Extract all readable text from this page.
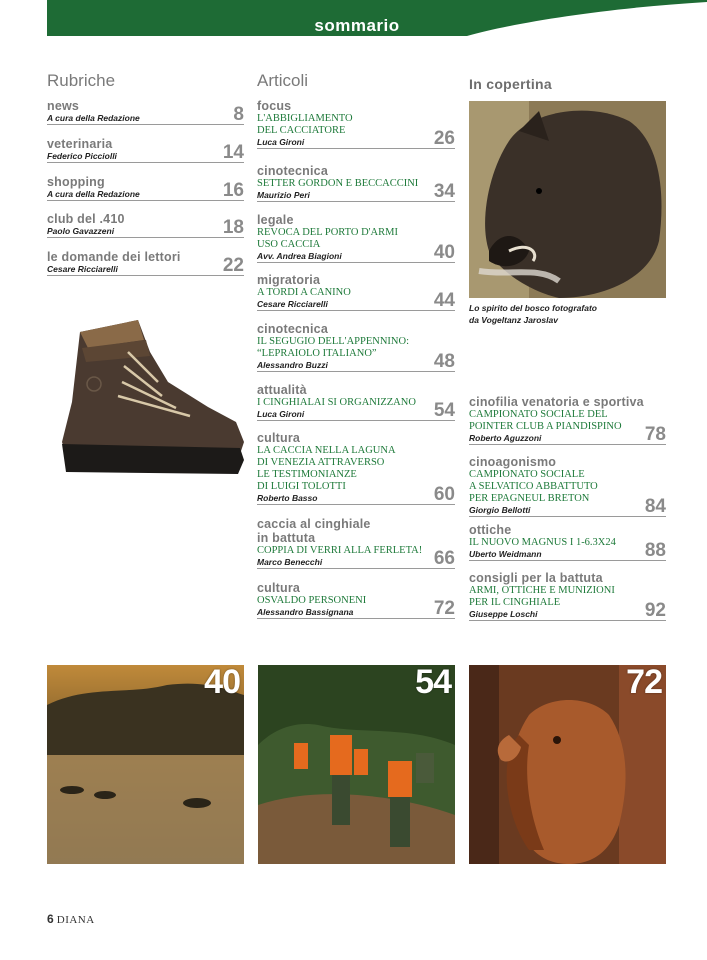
sommario
Rubriche	Articoli	In copertina
news
A cura della Redazione	8
veterinaria
Federico Picciolli	14
shopping
A cura della Redazione	16
club del .410
Paolo Gavazzeni	18
le domande dei lettori
Cesare Ricciarelli	22
focus
L'ABBIGLIAMENTO
DEL CACCIATORE
Luca Gironi	26
cinotecnica
SETTER GORDON E BECCACCINI
Maurizio Peri	34
legale
REVOCA DEL PORTO D'ARMI
USO CACCIA
Avv. Andrea Biagioni	40
migratoria
A TORDI A CANINO
Cesare Ricciarelli	44
cinotecnica
IL SEGUGIO DELL'APPENNINO:
“LEPRAIOLO ITALIANO”
Alessandro Buzzi	48
attualità
I CINGHIALAI SI ORGANIZZANO
Luca Gironi	54
cultura
LA CACCIA NELLA LAGUNA
DI VENEZIA ATTRAVERSO
LE TESTIMONIANZE
DI LUIGI TOLOTTI
Roberto Basso	60
caccia al cinghiale
in battuta
COPPIA DI VERRI ALLA FERLETA!
Marco Benecchi	66
cultura
OSVALDO PERSONENI
Alessandro Bassignana	72
Lo spirito del bosco fotografato
da Vogeltanz Jaroslav
cinofilia venatoria e sportiva
CAMPIONATO SOCIALE DEL
POINTER CLUB A PIANDISPINO
Roberto Aguzzoni	78
cinoagonismo
CAMPIONATO SOCIALE
A SELVATICO ABBATTUTO
PER EPAGNEUL BRETON
Giorgio Bellotti	84
ottiche
IL NUOVO MAGNUS I 1-6.3X24
Uberto Weidmann	88
consigli per la battuta
ARMI, OTTICHE E MUNIZIONI
PER IL CINGHIALE
Giuseppe Loschi	92
40	54	72
6 DIANA
